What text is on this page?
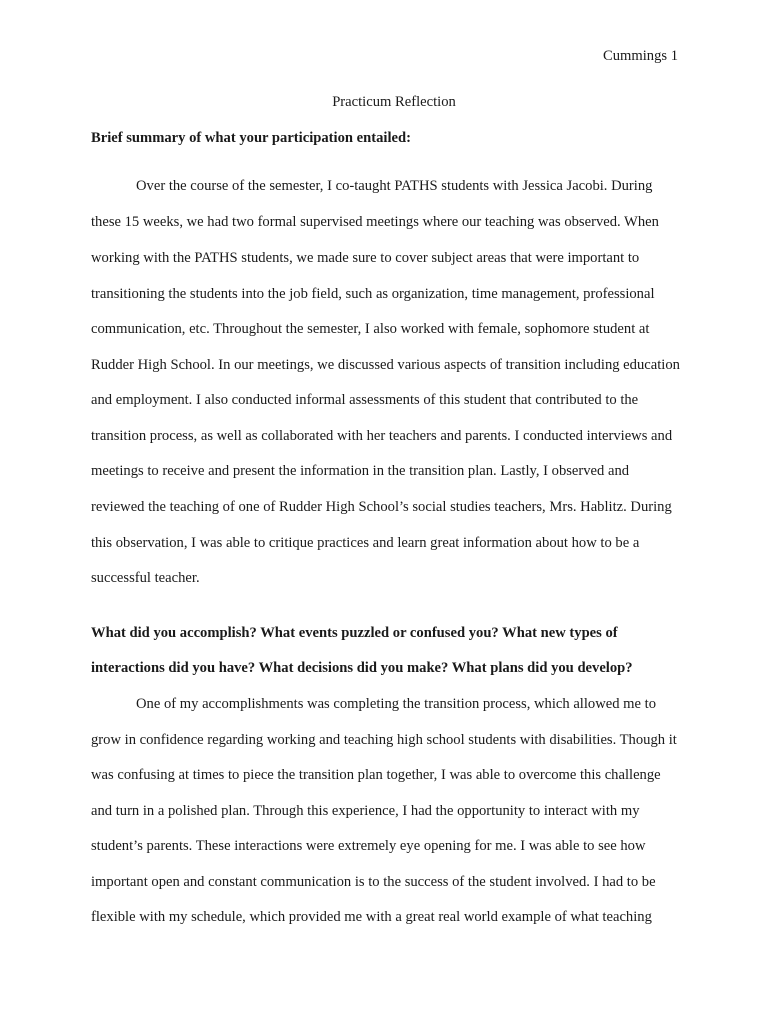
Cummings 1
Practicum Reflection
Brief summary of what your participation entailed:
Over the course of the semester, I co-taught PATHS students with Jessica Jacobi. During
these 15 weeks, we had two formal supervised meetings where our teaching was observed. When
working with the PATHS students, we made sure to cover subject areas that were important to
transitioning the students into the job field, such as organization, time management, professional
communication, etc. Throughout the semester, I also worked with female, sophomore student at
Rudder High School. In our meetings, we discussed various aspects of transition including education
and employment. I also conducted informal assessments of this student that contributed to the
transition process, as well as collaborated with her teachers and parents. I conducted interviews and
meetings to receive and present the information in the transition plan. Lastly, I observed and
reviewed the teaching of one of Rudder High School’s social studies teachers, Mrs. Hablitz. During
this observation, I was able to critique practices and learn great information about how to be a
successful teacher.
What did you accomplish? What events puzzled or confused you? What new types of
interactions did you have? What decisions did you make? What plans did you develop?
One of my accomplishments was completing the transition process, which allowed me to
grow in confidence regarding working and teaching high school students with disabilities. Though it
was confusing at times to piece the transition plan together, I was able to overcome this challenge
and turn in a polished plan. Through this experience, I had the opportunity to interact with my
student’s parents. These interactions were extremely eye opening for me. I was able to see how
important open and constant communication is to the success of the student involved. I had to be
flexible with my schedule, which provided me with a great real world example of what teaching
